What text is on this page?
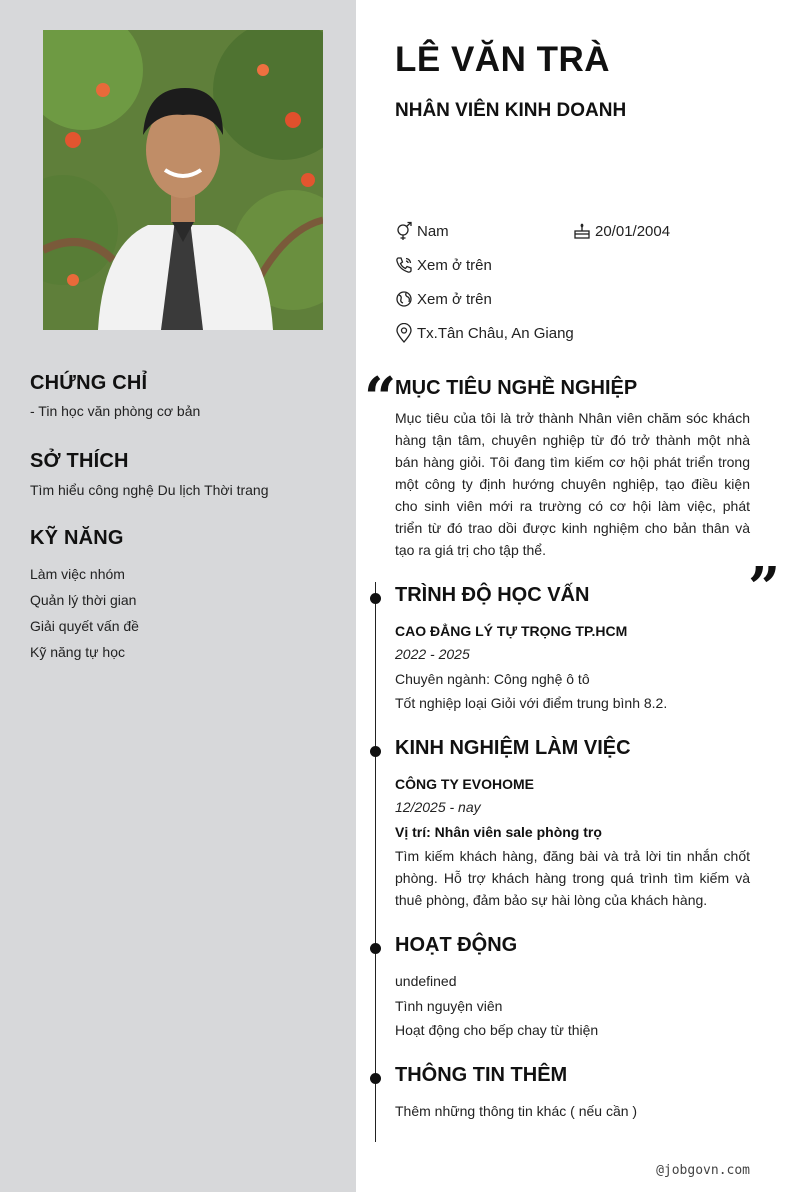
CHỨNG CHỈ
- Tin học văn phòng cơ bản
SỞ THÍCH
Tìm hiểu công nghệ Du lịch Thời trang
KỸ NĂNG
Làm việc nhóm
Quản lý thời gian
Giải quyết vấn đề
Kỹ năng tự học
LÊ VĂN TRÀ
NHÂN VIÊN KINH DOANH
Nam	20/01/2004
Xem ở trên
Xem ở trên
Tx.Tân Châu, An Giang
“
MỤC TIÊU NGHỀ NGHIỆP
Mục tiêu của tôi là trở thành Nhân viên chăm sóc khách hàng tận tâm, chuyên nghiệp từ đó trở thành một nhà bán hàng giỏi. Tôi đang tìm kiếm cơ hội phát triển trong một công ty định hướng chuyên nghiệp, tạo điều kiện cho sinh viên mới ra trường có cơ hội làm việc, phát triển từ đó trao dồi được kinh nghiệm cho bản thân và tạo ra giá trị cho tập thể.
”
TRÌNH ĐỘ HỌC VẤN
CAO ĐẲNG LÝ TỰ TRỌNG TP.HCM
2022 - 2025
Chuyên ngành: Công nghệ ô tô
Tốt nghiệp loại Giỏi với điểm trung bình 8.2.
KINH NGHIỆM LÀM VIỆC
CÔNG TY EVOHOME
12/2025 - nay
Vị trí: Nhân viên sale phòng trọ
Tìm kiếm khách hàng, đăng bài và trả lời tin nhắn chốt phòng. Hỗ trợ khách hàng trong quá trình tìm kiếm và thuê phòng, đảm bảo sự hài lòng của khách hàng.
HOẠT ĐỘNG
undefined
Tình nguyện viên
Hoạt động cho bếp chay từ thiện
THÔNG TIN THÊM
Thêm những thông tin khác ( nếu cần )
@jobgovn.com
